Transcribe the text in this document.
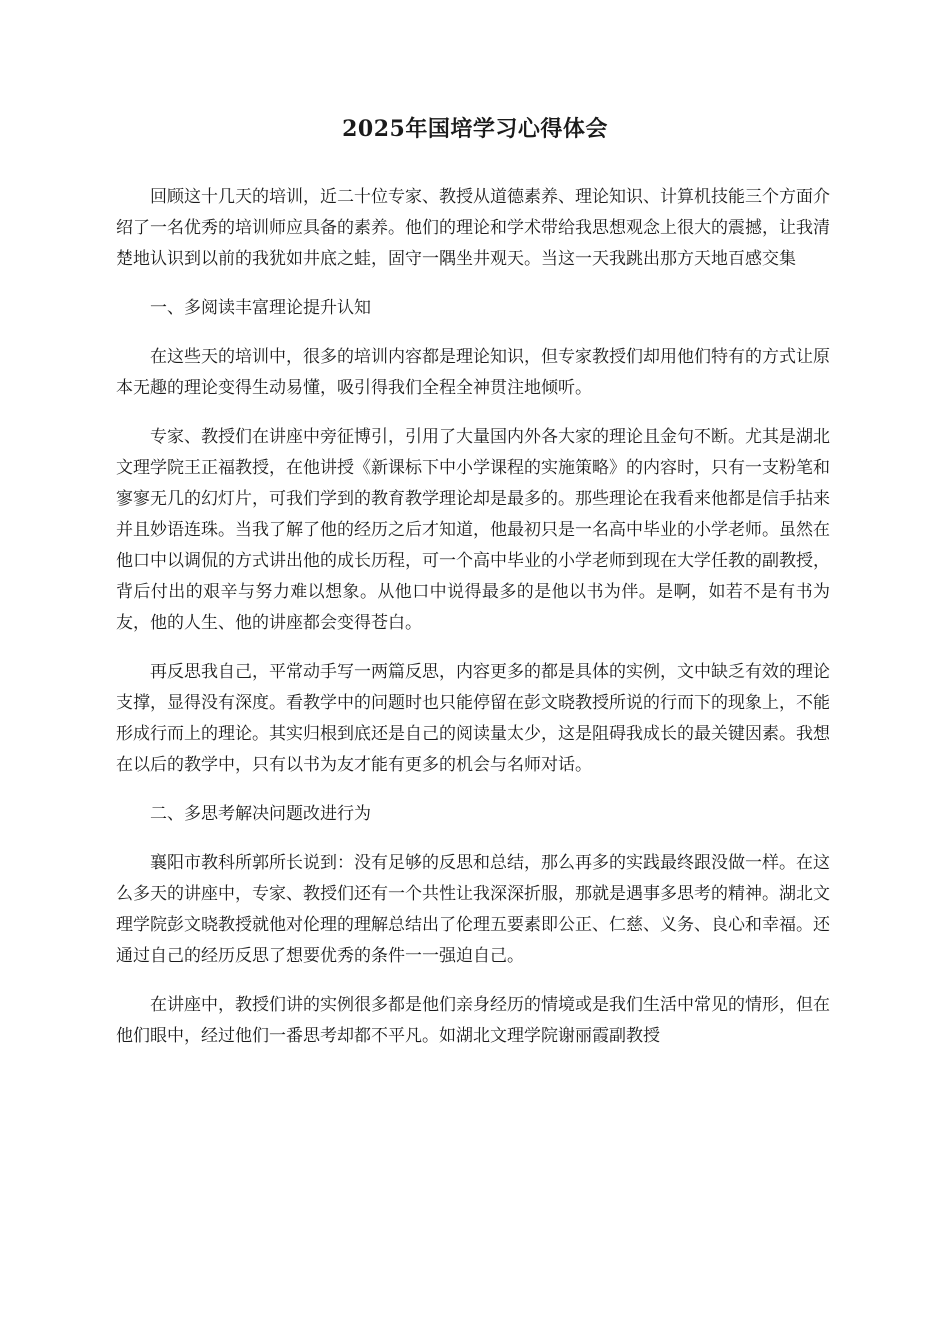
2025年国培学习心得体会

回顾这十几天的培训，近二十位专家、教授从道德素养、理论知识、计算机技能三个方面介绍了一名优秀的培训师应具备的素养。他们的理论和学术带给我思想观念上很大的震撼，让我清楚地认识到以前的我犹如井底之蛙，固守一隅坐井观天。当这一天我跳出那方天地百感交集

一、多阅读丰富理论提升认知

在这些天的培训中，很多的培训内容都是理论知识，但专家教授们却用他们特有的方式让原本无趣的理论变得生动易懂，吸引得我们全程全神贯注地倾听。

专家、教授们在讲座中旁征博引，引用了大量国内外各大家的理论且金句不断。尤其是湖北文理学院王正福教授，在他讲授《新课标下中小学课程的实施策略》的内容时，只有一支粉笔和寥寥无几的幻灯片，可我们学到的教育教学理论却是最多的。那些理论在我看来他都是信手拈来并且妙语连珠。当我了解了他的经历之后才知道，他最初只是一名高中毕业的小学老师。虽然在他口中以调侃的方式讲出他的成长历程，可一个高中毕业的小学老师到现在大学任教的副教授，背后付出的艰辛与努力难以想象。从他口中说得最多的是他以书为伴。是啊，如若不是有书为友，他的人生、他的讲座都会变得苍白。

再反思我自己，平常动手写一两篇反思，内容更多的都是具体的实例，文中缺乏有效的理论支撑，显得没有深度。看教学中的问题时也只能停留在彭文晓教授所说的行而下的现象上，不能形成行而上的理论。其实归根到底还是自己的阅读量太少，这是阻碍我成长的最关键因素。我想在以后的教学中，只有以书为友才能有更多的机会与名师对话。

二、多思考解决问题改进行为

襄阳市教科所郭所长说到：没有足够的反思和总结，那么再多的实践最终跟没做一样。在这么多天的讲座中，专家、教授们还有一个共性让我深深折服，那就是遇事多思考的精神。湖北文理学院彭文晓教授就他对伦理的理解总结出了伦理五要素即公正、仁慈、义务、良心和幸福。还通过自己的经历反思了想要优秀的条件一一强迫自己。

在讲座中，教授们讲的实例很多都是他们亲身经历的情境或是我们生活中常见的情形，但在他们眼中，经过他们一番思考却都不平凡。如湖北文理学院谢丽霞副教授
